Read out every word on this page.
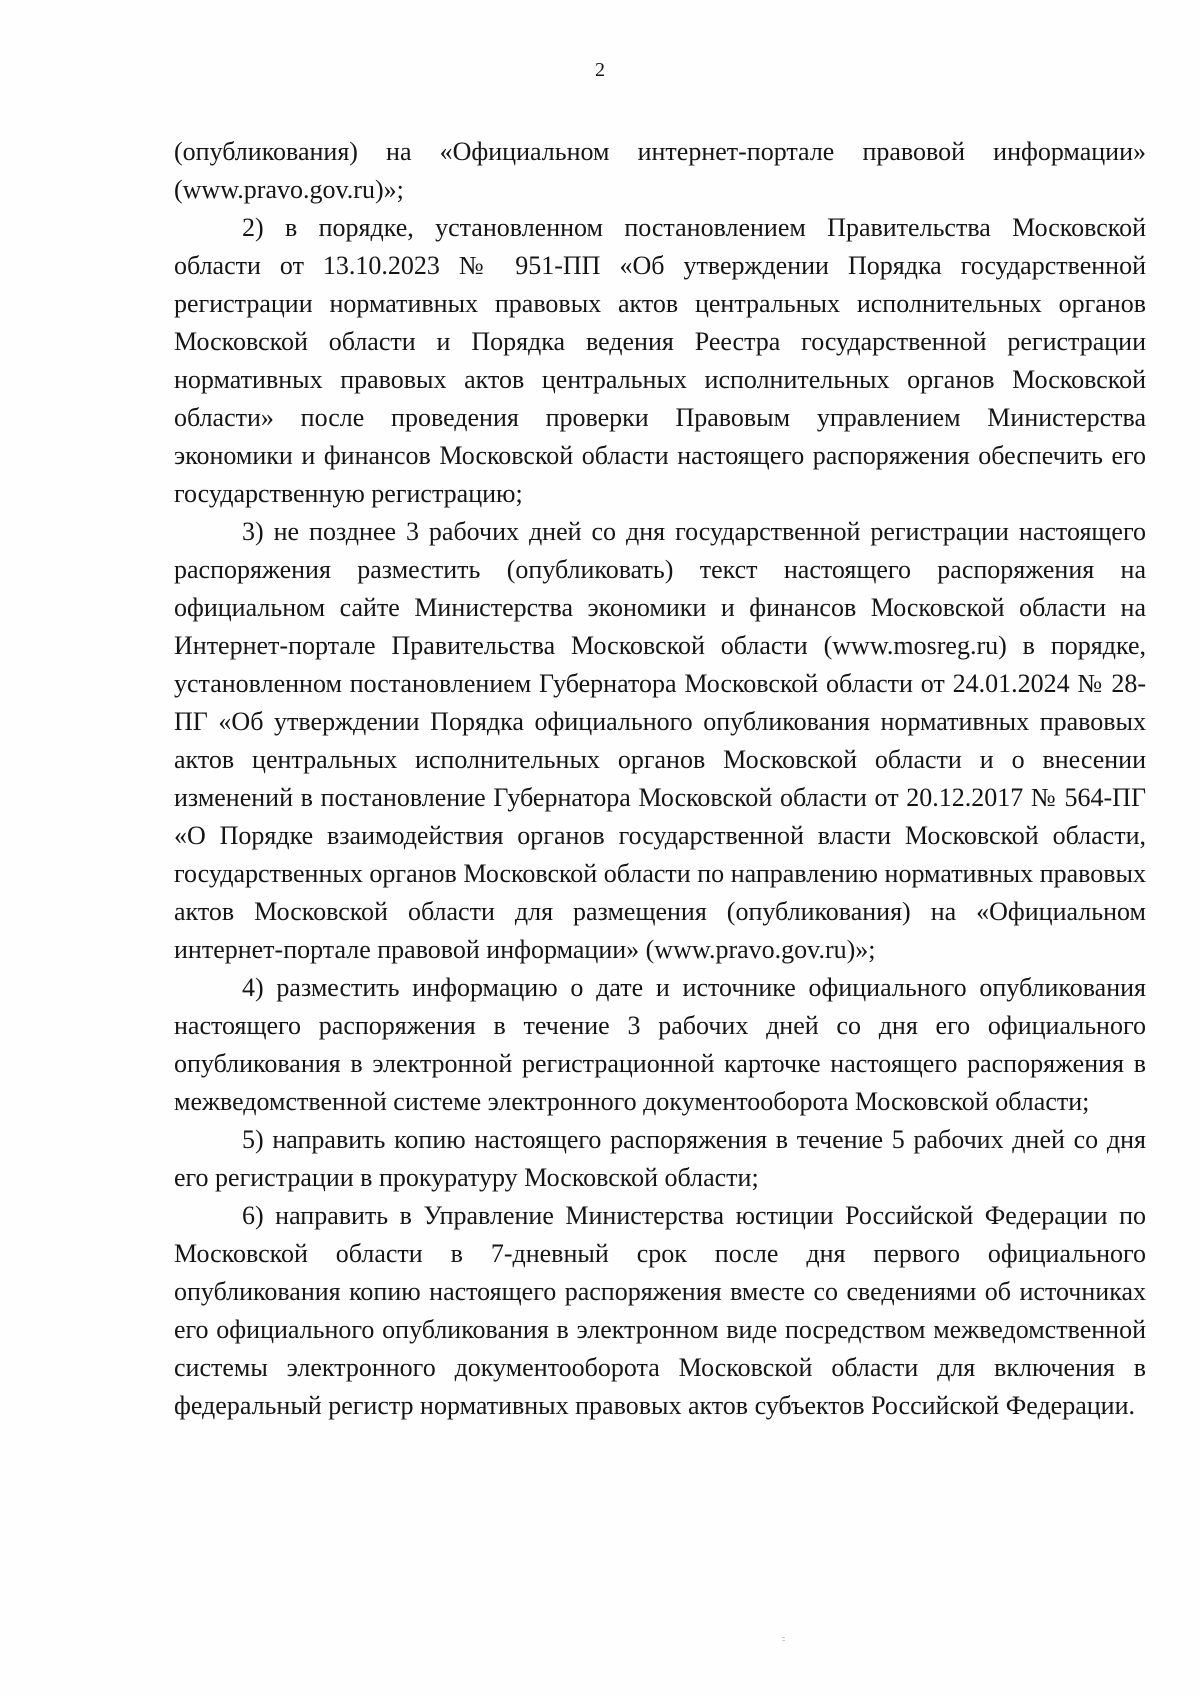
2

(опубликования) на «Официальном интернет-портале правовой информации» (www.pravo.gov.ru)»;

2) в порядке, установленном постановлением Правительства Московской области от 13.10.2023 № 951-ПП «Об утверждении Порядка государственной регистрации нормативных правовых актов центральных исполнительных органов Московской области и Порядка ведения Реестра государственной регистрации нормативных правовых актов центральных исполнительных органов Московской области» после проведения проверки Правовым управлением Министерства экономики и финансов Московской области настоящего распоряжения обеспечить его государственную регистрацию;

3) не позднее 3 рабочих дней со дня государственной регистрации настоящего распоряжения разместить (опубликовать) текст настоящего распоряжения на официальном сайте Министерства экономики и финансов Московской области на Интернет-портале Правительства Московской области (www.mosreg.ru) в порядке, установленном постановлением Губернатора Московской области от 24.01.2024 № 28-ПГ «Об утверждении Порядка официального опубликования нормативных правовых актов центральных исполнительных органов Московской области и о внесении изменений в постановление Губернатора Московской области от 20.12.2017 № 564-ПГ «О Порядке взаимодействия органов государственной власти Московской области, государственных органов Московской области по направлению нормативных правовых актов Московской области для размещения (опубликования) на «Официальном интернет-портале правовой информации» (www.pravo.gov.ru)»;

4) разместить информацию о дате и источнике официального опубликования настоящего распоряжения в течение 3 рабочих дней со дня его официального опубликования в электронной регистрационной карточке настоящего распоряжения в межведомственной системе электронного документооборота Московской области;

5) направить копию настоящего распоряжения в течение 5 рабочих дней со дня его регистрации в прокуратуру Московской области;

6) направить в Управление Министерства юстиции Российской Федерации по Московской области в 7-дневный срок после дня первого официального опубликования копию настоящего распоряжения вместе со сведениями об источниках его официального опубликования в электронном виде посредством межведомственной системы электронного документооборота Московской области для включения в федеральный регистр нормативных правовых актов субъектов Российской Федерации.

- -
